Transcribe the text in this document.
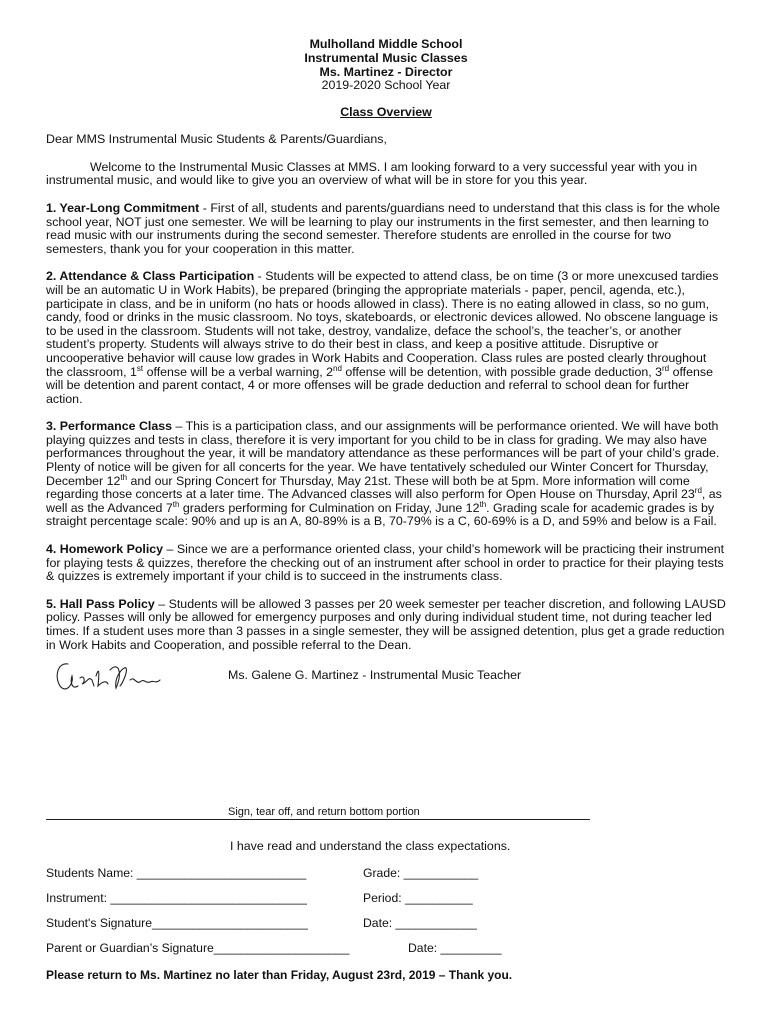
Mulholland Middle School
Instrumental Music Classes
Ms. Martinez - Director
2019-2020 School Year
Class Overview

Dear MMS Instrumental Music Students & Parents/Guardians,

Welcome to the Instrumental Music Classes at MMS. I am looking forward to a very successful year with you in instrumental music, and would like to give you an overview of what will be in store for you this year.

1. Year-Long Commitment - First of all, students and parents/guardians need to understand that this class is for the whole school year, NOT just one semester. We will be learning to play our instruments in the first semester, and then learning to read music with our instruments during the second semester. Therefore students are enrolled in the course for two semesters, thank you for your cooperation in this matter.

2. Attendance & Class Participation - Students will be expected to attend class, be on time (3 or more unexcused tardies will be an automatic U in Work Habits), be prepared (bringing the appropriate materials - paper, pencil, agenda, etc.), participate in class, and be in uniform (no hats or hoods allowed in class). There is no eating allowed in class, so no gum, candy, food or drinks in the music classroom. No toys, skateboards, or electronic devices allowed. No obscene language is to be used in the classroom. Students will not take, destroy, vandalize, deface the school’s, the teacher’s, or another student’s property. Students will always strive to do their best in class, and keep a positive attitude. Disruptive or uncooperative behavior will cause low grades in Work Habits and Cooperation. Class rules are posted clearly throughout the classroom, 1st offense will be a verbal warning, 2nd offense will be detention, with possible grade deduction, 3rd offense will be detention and parent contact, 4 or more offenses will be grade deduction and referral to school dean for further action.

3. Performance Class – This is a participation class, and our assignments will be performance oriented. We will have both playing quizzes and tests in class, therefore it is very important for you child to be in class for grading. We may also have performances throughout the year, it will be mandatory attendance as these performances will be part of your child’s grade. Plenty of notice will be given for all concerts for the year. We have tentatively scheduled our Winter Concert for Thursday, December 12th and our Spring Concert for Thursday, May 21st. These will both be at 5pm. More information will come regarding those concerts at a later time. The Advanced classes will also perform for Open House on Thursday, April 23rd, as well as the Advanced 7th graders performing for Culmination on Friday, June 12th. Grading scale for academic grades is by straight percentage scale: 90% and up is an A, 80-89% is a B, 70-79% is a C, 60-69% is a D, and 59% and below is a Fail.

4. Homework Policy – Since we are a performance oriented class, your child’s homework will be practicing their instrument for playing tests & quizzes, therefore the checking out of an instrument after school in order to practice for their playing tests & quizzes is extremely important if your child is to succeed in the instruments class.

5. Hall Pass Policy – Students will be allowed 3 passes per 20 week semester per teacher discretion, and following LAUSD policy. Passes will only be allowed for emergency purposes and only during individual student time, not during teacher led times. If a student uses more than 3 passes in a single semester, they will be assigned detention, plus get a grade reduction in Work Habits and Cooperation, and possible referral to the Dean.

Ms. Galene G. Martinez - Instrumental Music Teacher
Sign, tear off, and return bottom portion
I have read and understand the class expectations.
Students Name: _________________________	Grade: ___________
Instrument: _____________________________	Period: __________
Student's Signature_______________________	Date: ____________
Parent or Guardian’s Signature____________________	Date: _________
Please return to Ms. Martinez no later than Friday, August 23rd, 2019 – Thank you.
